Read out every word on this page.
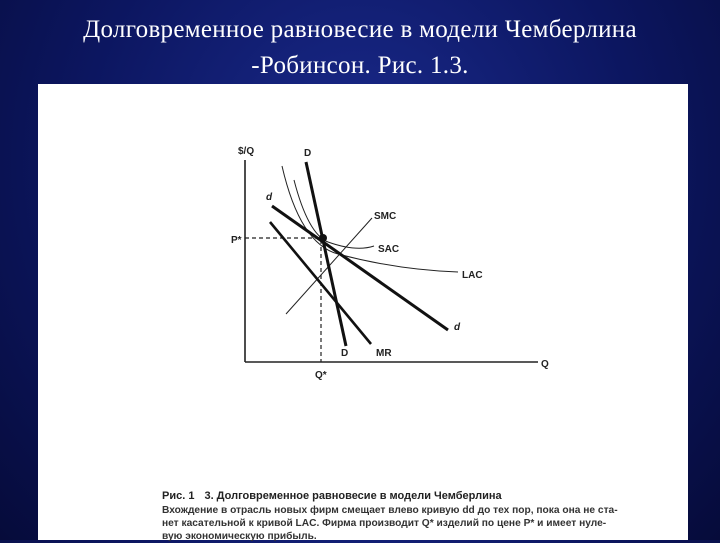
Долговременное равновесие в модели Чемберлина
-Робинсон. Рис. 1.3.
$/Q
Q
P*
Q*
D
D
d
d
SMC
SAC
LAC
MR
Рис. 1 3. Долговременное равновесие в модели Чемберлина
Вхождение в отрасль новых фирм смещает влево кривую dd до тех пор, пока она не ста-
нет касательной к кривой LAC. Фирма производит Q* изделий по цене P* и имеет нуле-
вую экономическую прибыль.
